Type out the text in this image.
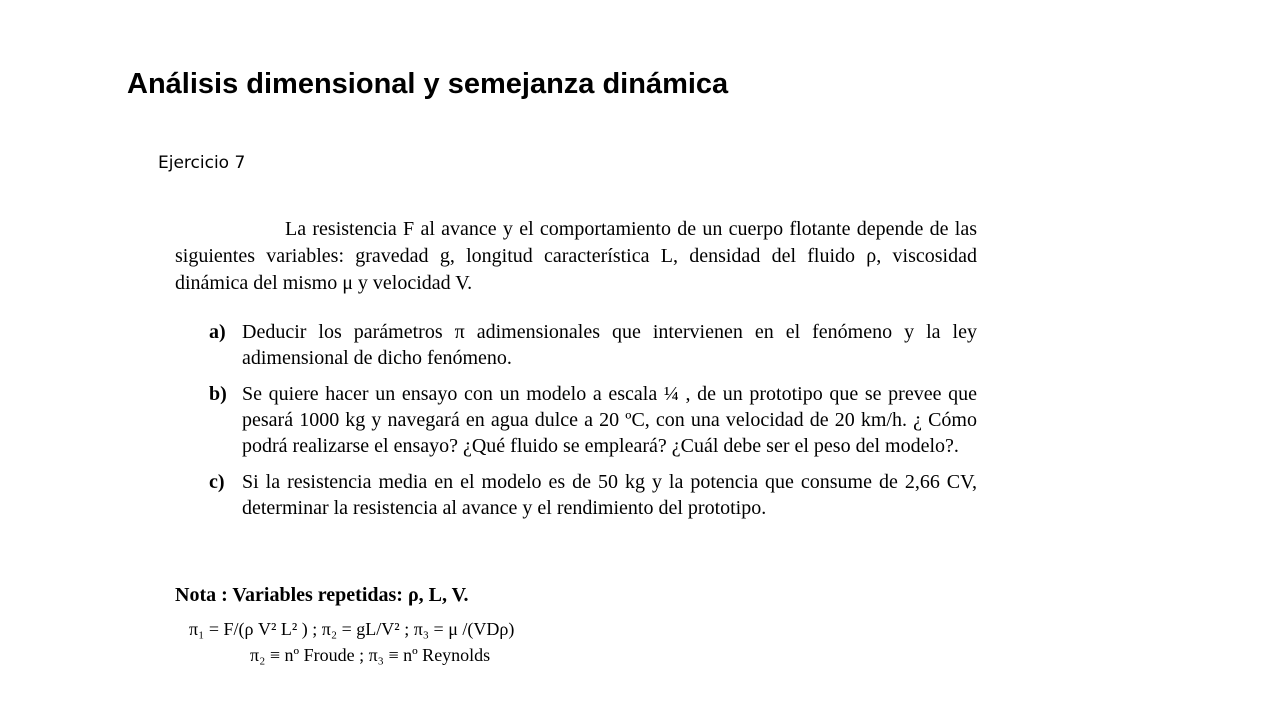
Análisis dimensional y semejanza dinámica
Ejercicio 7

La resistencia F al avance y el comportamiento de un cuerpo flotante depende de las siguientes variables: gravedad g, longitud característica L, densidad del fluido ρ, viscosidad dinámica del mismo μ y velocidad V.

a) Deducir los parámetros π adimensionales que intervienen en el fenómeno y la ley adimensional de dicho fenómeno.
b) Se quiere hacer un ensayo con un modelo a escala ¼ , de un prototipo que se prevee que pesará 1000 kg y navegará en agua dulce a 20 ºC, con una velocidad de 20 km/h. ¿ Cómo podrá realizarse el ensayo? ¿Qué fluido se empleará? ¿Cuál debe ser el peso del modelo?.
c) Si la resistencia media en el modelo es de 50 kg y la potencia que consume de 2,66 CV, determinar la resistencia al avance y el rendimiento del prototipo.
Nota : Variables repetidas: ρ, L, V.
π₁ = F/(ρ V² L² ) ; π₂ = gL/V² ; π₃ = μ /(VDρ)
π₂ ≡ nº Froude ; π₃ ≡ nº Reynolds
